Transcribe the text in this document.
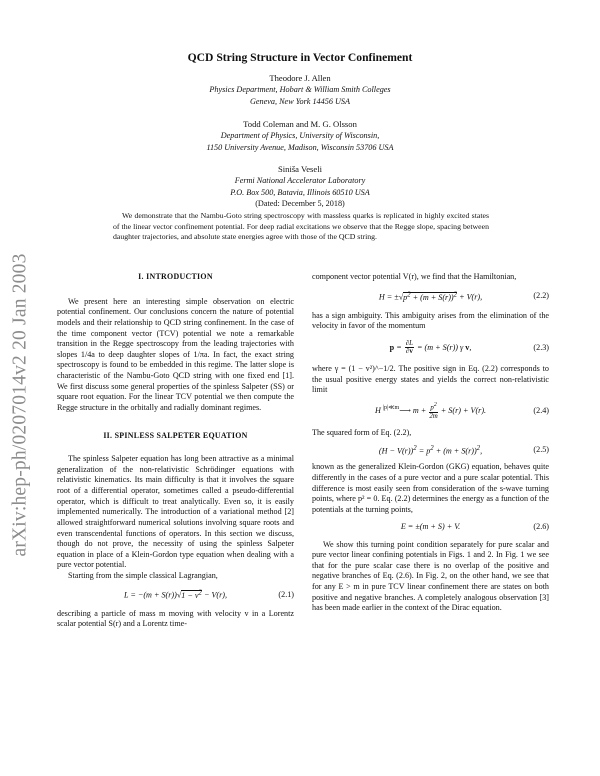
arXiv:hep-ph/0207014v2 20 Jan 2003
QCD String Structure in Vector Confinement
Theodore J. Allen
Physics Department, Hobart & William Smith Colleges
Geneva, New York 14456 USA
Todd Coleman and M. G. Olsson
Department of Physics, University of Wisconsin,
1150 University Avenue, Madison, Wisconsin 53706 USA
Siniša Veseli
Fermi National Accelerator Laboratory
P.O. Box 500, Batavia, Illinois 60510 USA
(Dated: December 5, 2018)
We demonstrate that the Nambu-Goto string spectroscopy with massless quarks is replicated in highly excited states of the linear vector confinement potential. For deep radial excitations we observe that the Regge slope, spacing between daughter trajectories, and absolute state energies agree with those of the QCD string.
I. INTRODUCTION

We present here an interesting simple observation on electric potential confinement. Our conclusions concern the nature of potential models and their relationship to QCD string confinement. In the case of the time component vector (TCV) potential we note a remarkable transition in the Regge spectroscopy from the leading trajectories with slopes 1/4a to deep daughter slopes of 1/πa. In fact, the exact string spectroscopy is found to be embedded in this regime. The latter slope is characteristic of the Nambu-Goto QCD string with one fixed end [1]. We first discuss some general properties of the spinless Salpeter (SS) or square root equation. For the linear TCV potential we then compute the Regge structure in the orbitally and radially dominant regimes.

II. SPINLESS SALPETER EQUATION

The spinless Salpeter equation has long been attractive as a minimal generalization of the non-relativistic Schrödinger equations with relativistic kinematics. Its main difficulty is that it involves the square root of a differential operator, sometimes called a pseudo-differential operator, which is difficult to treat analytically. Even so, it is easily implemented numerically. The introduction of a variational method [2] allowed straightforward numerical solutions involving square roots and even transcendental functions of operators. In this section we discuss, though do not prove, the necessity of using the spinless Salpeter equation in place of a Klein-Gordon type equation when dealing with a pure vector potential.

Starting from the simple classical Lagrangian,

$L = -(m + S(r))√1 - v^2 - V(r)$,	(2.1)

describing a particle of mass m moving with velocity v in a Lorentz scalar potential S(r) and a Lorentz time-

component vector potential V(r), we find that the Hamiltonian,

$H = \pm√p^2 + (m + S(r))^2 + V(r)$,	(2.2)

has a sign ambiguity. This ambiguity arises from the elimination of the velocity in favor of the momentum

$p = \frac{\partial L}{\partial v} = (m + S(r))$ γ v,	(2.3)

where γ = (1 − v²)^−1/2. The positive sign in Eq. (2.2) corresponds to the usual positive energy states and yields the correct non-relativistic limit

H $^{|p|≪m}$⟶ $m + \frac{p^2}{2m} + S(r) + V(r)$.	(2.4)

The squared form of Eq. (2.2),

$(H - V(r))^2 = p^2 + (m + S(r))^2$,	(2.5)

known as the generalized Klein-Gordon (GKG) equation, behaves quite differently in the cases of a pure vector and a pure scalar potential. This difference is most easily seen from consideration of the s-wave turning points, where p² = 0. Eq. (2.2) determines the energy as a function of the potentials at the turning points,

E = ±(m + S) + V.	(2.6)

We show this turning point condition separately for pure scalar and pure vector linear confining potentials in Figs. 1 and 2. In Fig. 1 we see that for the pure scalar case there is no overlap of the positive and negative branches of Eq. (2.6). In Fig. 2, on the other hand, we see that for any E > m in pure TCV linear confinement there are states on both positive and negative branches. A completely analogous observation [3] has been made earlier in the context of the Dirac equation.
